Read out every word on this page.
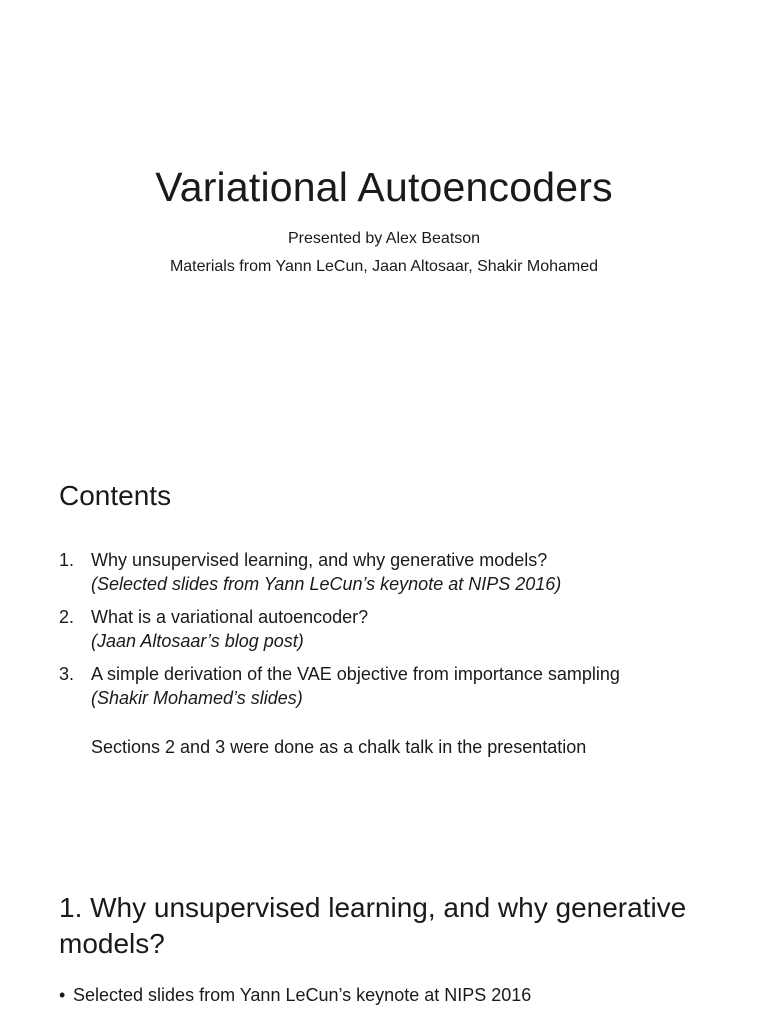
Variational Autoencoders
Presented by Alex Beatson
Materials from Yann LeCun, Jaan Altosaar, Shakir Mohamed
Contents
1. Why unsupervised learning, and why generative models?
(Selected slides from Yann LeCun’s keynote at NIPS 2016)
2. What is a variational autoencoder?
(Jaan Altosaar’s blog post)
3. A simple derivation of the VAE objective from importance sampling
(Shakir Mohamed’s slides)
Sections 2 and 3 were done as a chalk talk in the presentation
1. Why unsupervised learning, and why generative models?
• Selected slides from Yann LeCun’s keynote at NIPS 2016
